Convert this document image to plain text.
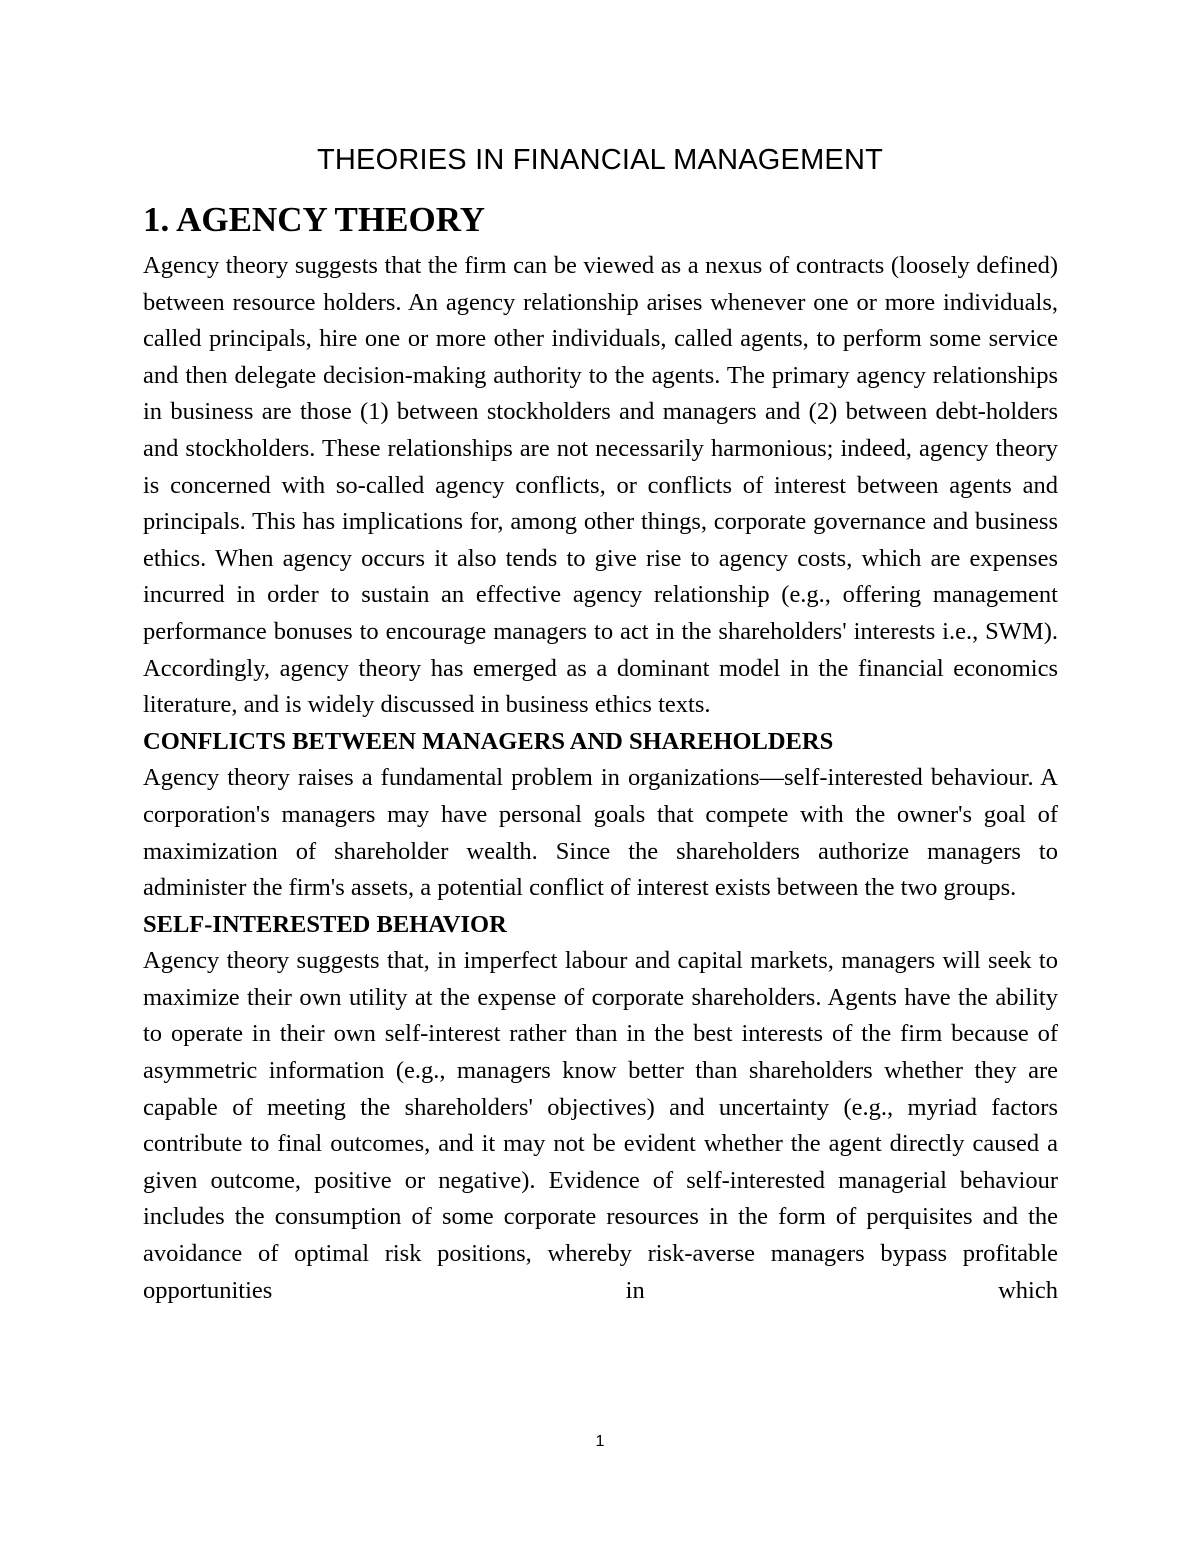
THEORIES IN FINANCIAL MANAGEMENT
1. AGENCY THEORY

Agency theory suggests that the firm can be viewed as a nexus of contracts (loosely defined) between resource holders. An agency relationship arises whenever one or more individuals, called principals, hire one or more other individuals, called agents, to perform some service and then delegate decision-making authority to the agents. The primary agency relationships in business are those (1) between stockholders and managers and (2) between debt-holders and stockholders. These relationships are not necessarily harmonious; indeed, agency theory is concerned with so-called agency conflicts, or conflicts of interest between agents and principals. This has implications for, among other things, corporate governance and business ethics. When agency occurs it also tends to give rise to agency costs, which are expenses incurred in order to sustain an effective agency relationship (e.g., offering management performance bonuses to encourage managers to act in the shareholders' interests i.e., SWM). Accordingly, agency theory has emerged as a dominant model in the financial economics literature, and is widely discussed in business ethics texts.

CONFLICTS BETWEEN MANAGERS AND SHAREHOLDERS

Agency theory raises a fundamental problem in organizations—self-interested behaviour. A corporation's managers may have personal goals that compete with the owner's goal of maximization of shareholder wealth. Since the shareholders authorize managers to administer the firm's assets, a potential conflict of interest exists between the two groups.

SELF-INTERESTED BEHAVIOR

Agency theory suggests that, in imperfect labour and capital markets, managers will seek to maximize their own utility at the expense of corporate shareholders. Agents have the ability to operate in their own self-interest rather than in the best interests of the firm because of asymmetric information (e.g., managers know better than shareholders whether they are capable of meeting the shareholders' objectives) and uncertainty (e.g., myriad factors contribute to final outcomes, and it may not be evident whether the agent directly caused a given outcome, positive or negative). Evidence of self-interested managerial behaviour includes the consumption of some corporate resources in the form of perquisites and the avoidance of optimal risk positions, whereby risk-averse managers bypass profitable opportunities in which

1
